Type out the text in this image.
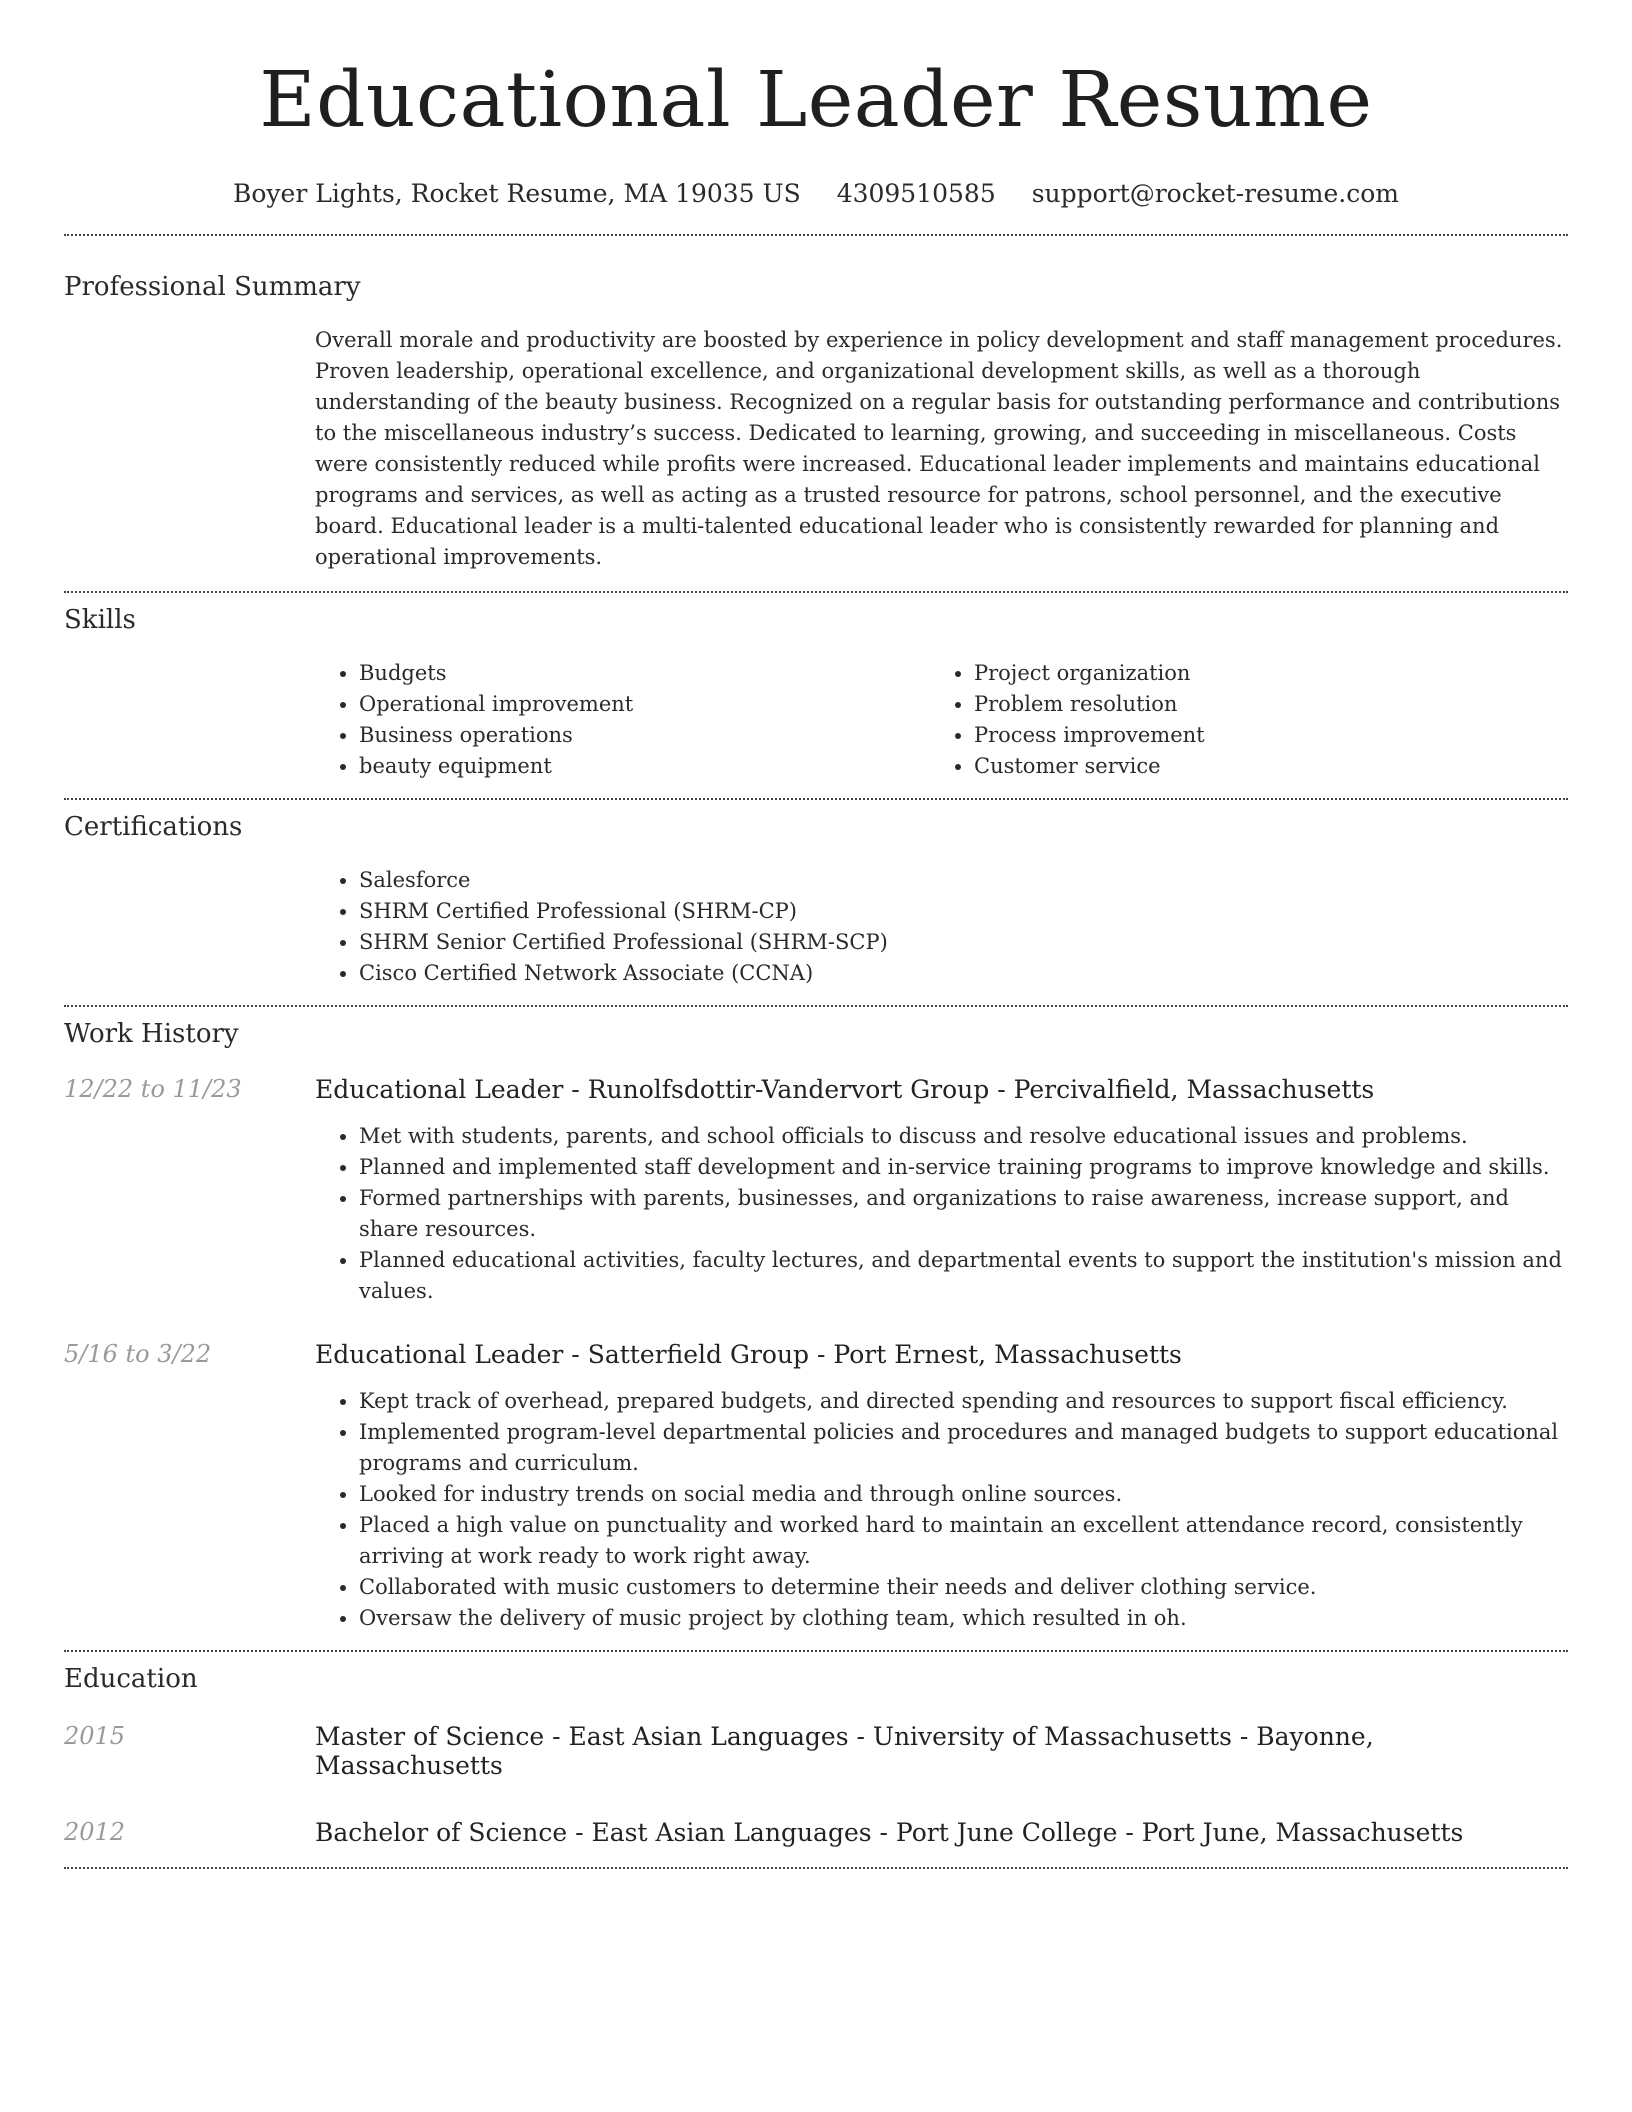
Educational Leader Resume
Boyer Lights, Rocket Resume, MA 19035 US 4309510585 support@rocket-resume.com
Professional Summary

Overall morale and productivity are boosted by experience in policy development and staff management procedures. Proven leadership, operational excellence, and organizational development skills, as well as a thorough understanding of the beauty business. Recognized on a regular basis for outstanding performance and contributions to the miscellaneous industry’s success. Dedicated to learning, growing, and succeeding in miscellaneous. Costs were consistently reduced while profits were increased. Educational leader implements and maintains educational programs and services, as well as acting as a trusted resource for patrons, school personnel, and the executive board. Educational leader is a multi-talented educational leader who is consistently rewarded for planning and operational improvements.

Skills
• Budgets
• Operational improvement
• Business operations
• beauty equipment
• Project organization
• Problem resolution
• Process improvement
• Customer service
Certifications
• Salesforce
• SHRM Certified Professional (SHRM-CP)
• SHRM Senior Certified Professional (SHRM-SCP)
• Cisco Certified Network Associate (CCNA)
Work History
12/22 to 11/23	Educational Leader - Runolfsdottir-Vandervort Group - Percivalfield, Massachusetts
• Met with students, parents, and school officials to discuss and resolve educational issues and problems.
• Planned and implemented staff development and in-service training programs to improve knowledge and skills.
• Formed partnerships with parents, businesses, and organizations to raise awareness, increase support, and share resources.
• Planned educational activities, faculty lectures, and departmental events to support the institution's mission and values.
5/16 to 3/22	Educational Leader - Satterfield Group - Port Ernest, Massachusetts
• Kept track of overhead, prepared budgets, and directed spending and resources to support fiscal efficiency.
• Implemented program-level departmental policies and procedures and managed budgets to support educational programs and curriculum.
• Looked for industry trends on social media and through online sources.
• Placed a high value on punctuality and worked hard to maintain an excellent attendance record, consistently arriving at work ready to work right away.
• Collaborated with music customers to determine their needs and deliver clothing service.
• Oversaw the delivery of music project by clothing team, which resulted in oh.
Education
2015	Master of Science - East Asian Languages - University of Massachusetts - Bayonne, Massachusetts
2012	Bachelor of Science - East Asian Languages - Port June College - Port June, Massachusetts
